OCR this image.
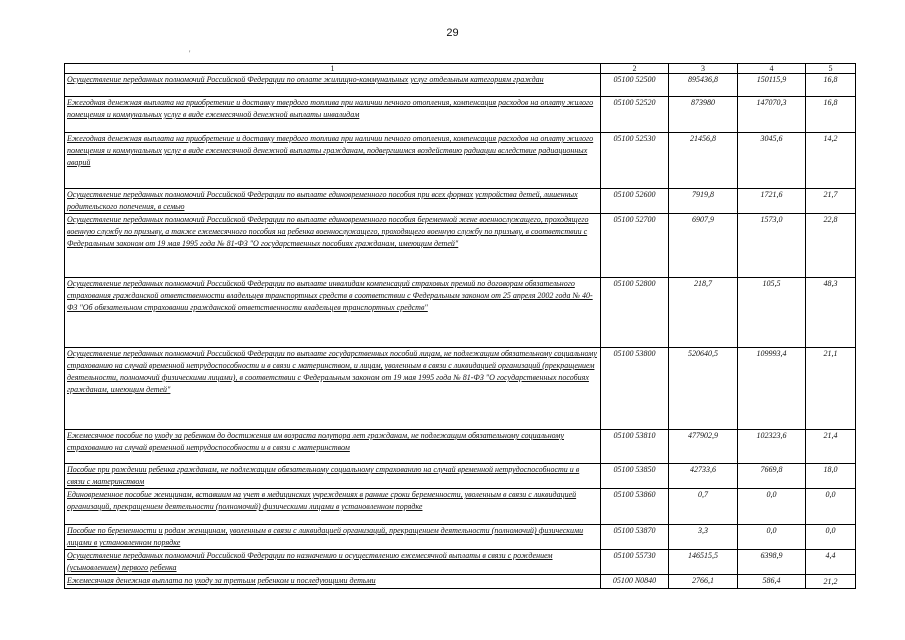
29
'
1	2	3	4	5
Осуществление переданных полномочий Российской Федерации по оплате жилищно-коммунальных услуг отдельным категориям граждан	05100 52500	895436,8	150115,9	16,8
Ежегодная денежная выплата на приобретение и доставку твердого топлива при наличии печного отопления, компенсация расходов на оплату жилого помещения и коммунальных услуг в виде ежемесячной денежной выплаты инвалидам	05100 52520	873980	147070,3	16,8
Ежегодная денежная выплата на приобретение и доставку твердого топлива при наличии печного отопления, компенсация расходов на оплату жилого помещения и коммунальных услуг в виде ежемесячной денежной выплаты гражданам, подвергшимся воздействию радиации вследствие радиационных аварий	05100 52530	21456,8	3045,6	14,2
Осуществление переданных полномочий Российской Федерации по выплате единовременного пособия при всех формах устройства детей, лишенных родительского попечения, в семью	05100 52600	7919,8	1721,6	21,7
Осуществление переданных полномочий Российской Федерации по выплате единовременного пособия беременной жене военнослужащего, проходящего военную службу по призыву, а также ежемесячного пособия на ребенка военнослужащего, проходящего военную службу по призыву, в соответствии с Федеральным законом от 19 мая 1995 года № 81-ФЗ "О государственных пособиях гражданам, имеющим детей"	05100 52700	6907,9	1573,0	22,8
Осуществление переданных полномочий Российской Федерации по выплате инвалидам компенсаций страховых премий по договорам обязательного страхования гражданской ответственности владельцев транспортных средств в соответствии с Федеральным законом от 25 апреля 2002 года № 40-ФЗ "Об обязательном страховании гражданской ответственности владельцев транспортных средств"	05100 52800	218,7	105,5	48,3
Осуществление переданных полномочий Российской Федерации по выплате государственных пособий лицам, не подлежащим обязательному социальному страхованию на случай временной нетрудоспособности и в связи с материнством, и лицам, уволенным в связи с ликвидацией организаций (прекращением деятельности, полномочий физическими лицами), в соответствии с Федеральным законом от 19 мая 1995 года № 81-ФЗ "О государственных пособиях гражданам, имеющим детей"	05100 53800	520640,5	109993,4	21,1
Ежемесячное пособие по уходу за ребенком до достижения им возраста полутора лет гражданам, не подлежащим обязательному социальному страхованию на случай временной нетрудоспособности и в связи с материнством	05100 53810	477902,9	102323,6	21,4
Пособие при рождении ребенка гражданам, не подлежащим обязательному социальному страхованию на случай временной нетрудоспособности и в связи с материнством	05100 53850	42733,6	7669,8	18,0
Единовременное пособие женщинам, вставшим на учет в медицинских учреждениях в ранние сроки беременности, уволенным в связи с ликвидацией организаций, прекращением деятельности (полномочий) физическими лицами в установленном порядке	05100 53860	0,7	0,0	0,0
Пособие по беременности и родам женщинам, уволенным в связи с ликвидацией организаций, прекращением деятельности (полномочий) физическими лицами в установленном порядке	05100 53870	3,3	0,0	0,0
Осуществление переданных полномочий Российской Федерации по назначению и осуществлению ежемесячной выплаты в связи с рождением (усыновлением) первого ребенка	05100 55730	146515,5	6398,9	4,4
Ежемесячная денежная выплата по уходу за третьим ребенком и последующими детьми	05100 N0840	2766,1	586,4	21,2
